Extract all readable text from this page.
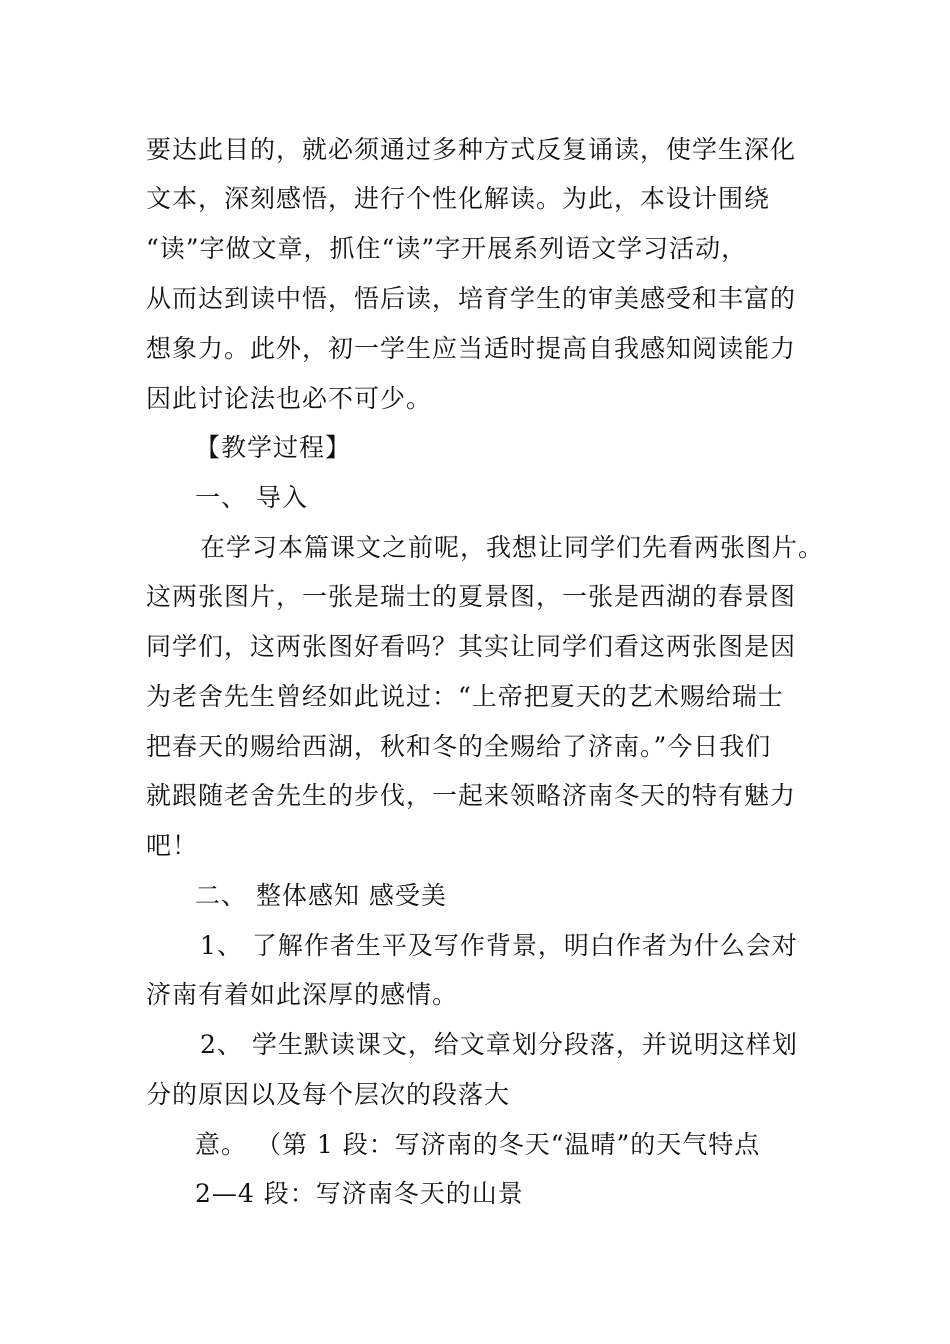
要达此目的，就必须通过多种方式反复诵读，使学生深化
文本，深刻感悟，进行个性化解读。为此，本设计围绕
“读”字做文章，抓住“读”字开展系列语文学习活动，
从而达到读中悟，悟后读，培育学生的审美感受和丰富的
想象力。此外，初一学生应当适时提高自我感知阅读能力
因此讨论法也必不可少。
【教学过程】
一、 导入
在学习本篇课文之前呢，我想让同学们先看两张图片。
这两张图片，一张是瑞士的夏景图，一张是西湖的春景图
同学们，这两张图好看吗？其实让同学们看这两张图是因
为老舍先生曾经如此说过：“上帝把夏天的艺术赐给瑞士
把春天的赐给西湖，秋和冬的全赐给了济南。”今日我们
就跟随老舍先生的步伐，一起来领略济南冬天的特有魅力
吧！
二、 整体感知 感受美
1、 了解作者生平及写作背景，明白作者为什么会对
济南有着如此深厚的感情。
2、 学生默读课文，给文章划分段落，并说明这样划
分的原因以及每个层次的段落大
意。 （第 1 段：写济南的冬天“温晴”的天气特点
2—4 段：写济南冬天的山景
